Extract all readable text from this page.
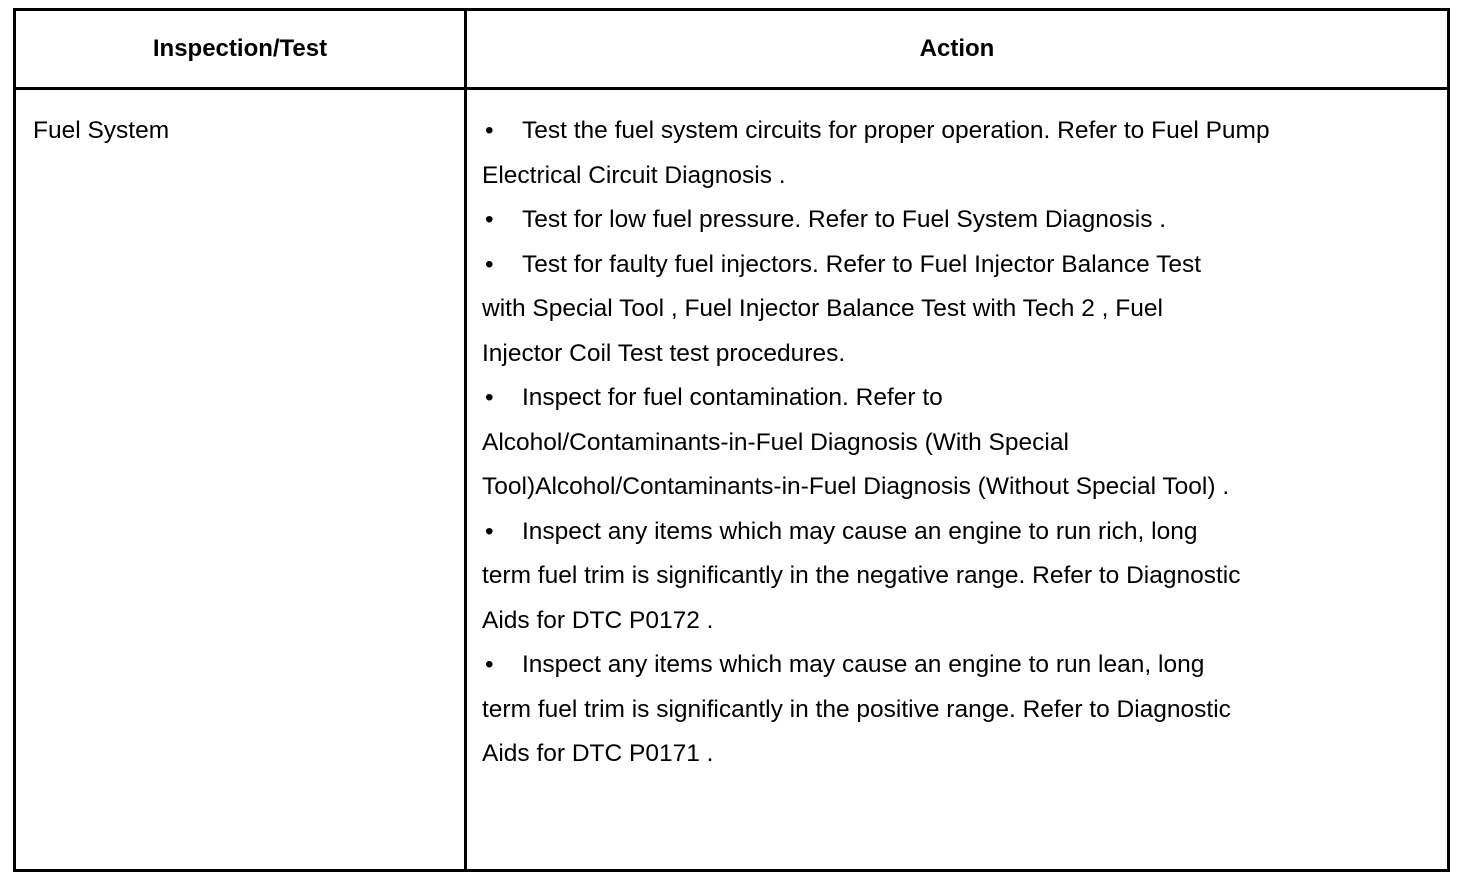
Inspection/Test	Action
Fuel System	• Test the fuel system circuits for proper operation. Refer to Fuel Pump
Electrical Circuit Diagnosis .
• Test for low fuel pressure. Refer to Fuel System Diagnosis .
• Test for faulty fuel injectors. Refer to Fuel Injector Balance Test
with Special Tool , Fuel Injector Balance Test with Tech 2 , Fuel
Injector Coil Test test procedures.
• Inspect for fuel contamination. Refer to
Alcohol/Contaminants-in-Fuel Diagnosis (With Special
Tool)Alcohol/Contaminants-in-Fuel Diagnosis (Without Special Tool) .
• Inspect any items which may cause an engine to run rich, long
term fuel trim is significantly in the negative range. Refer to Diagnostic
Aids for DTC P0172 .
• Inspect any items which may cause an engine to run lean, long
term fuel trim is significantly in the positive range. Refer to Diagnostic
Aids for DTC P0171 .
